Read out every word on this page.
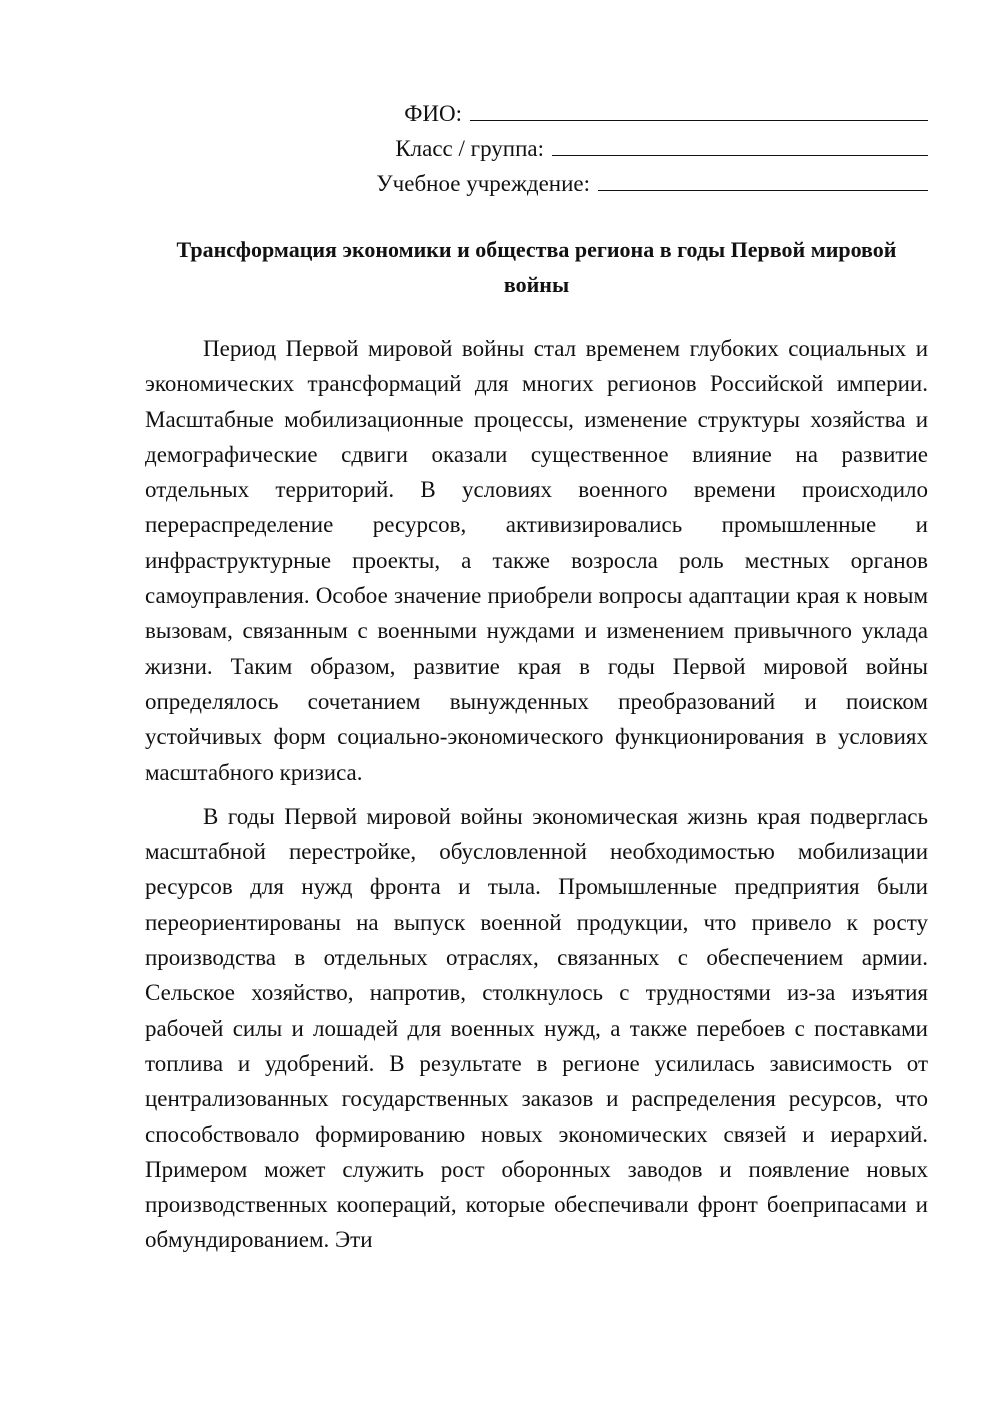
ФИО:
Класс / группа:
Учебное учреждение:
Трансформация экономики и общества региона в годы Первой мировой войны

Период Первой мировой войны стал временем глубоких социальных и экономических трансформаций для многих регионов Российской империи. Масштабные мобилизационные процессы, изменение структуры хозяйства и демографические сдвиги оказали существенное влияние на развитие отдельных территорий. В условиях военного времени происходило перераспределение ресурсов, активизировались промышленные и инфраструктурные проекты, а также возросла роль местных органов самоуправления. Особое значение приобрели вопросы адаптации края к новым вызовам, связанным с военными нуждами и изменением привычного уклада жизни. Таким образом, развитие края в годы Первой мировой войны определялось сочетанием вынужденных преобразований и поиском устойчивых форм социально-экономического функционирования в условиях масштабного кризиса.

В годы Первой мировой войны экономическая жизнь края подверглась масштабной перестройке, обусловленной необходимостью мобилизации ресурсов для нужд фронта и тыла. Промышленные предприятия были переориентированы на выпуск военной продукции, что привело к росту производства в отдельных отраслях, связанных с обеспечением армии. Сельское хозяйство, напротив, столкнулось с трудностями из-за изъятия рабочей силы и лошадей для военных нужд, а также перебоев с поставками топлива и удобрений. В результате в регионе усилилась зависимость от централизованных государственных заказов и распределения ресурсов, что способствовало формированию новых экономических связей и иерархий. Примером может служить рост оборонных заводов и появление новых производственных коопераций, которые обеспечивали фронт боеприпасами и обмундированием. Эти
